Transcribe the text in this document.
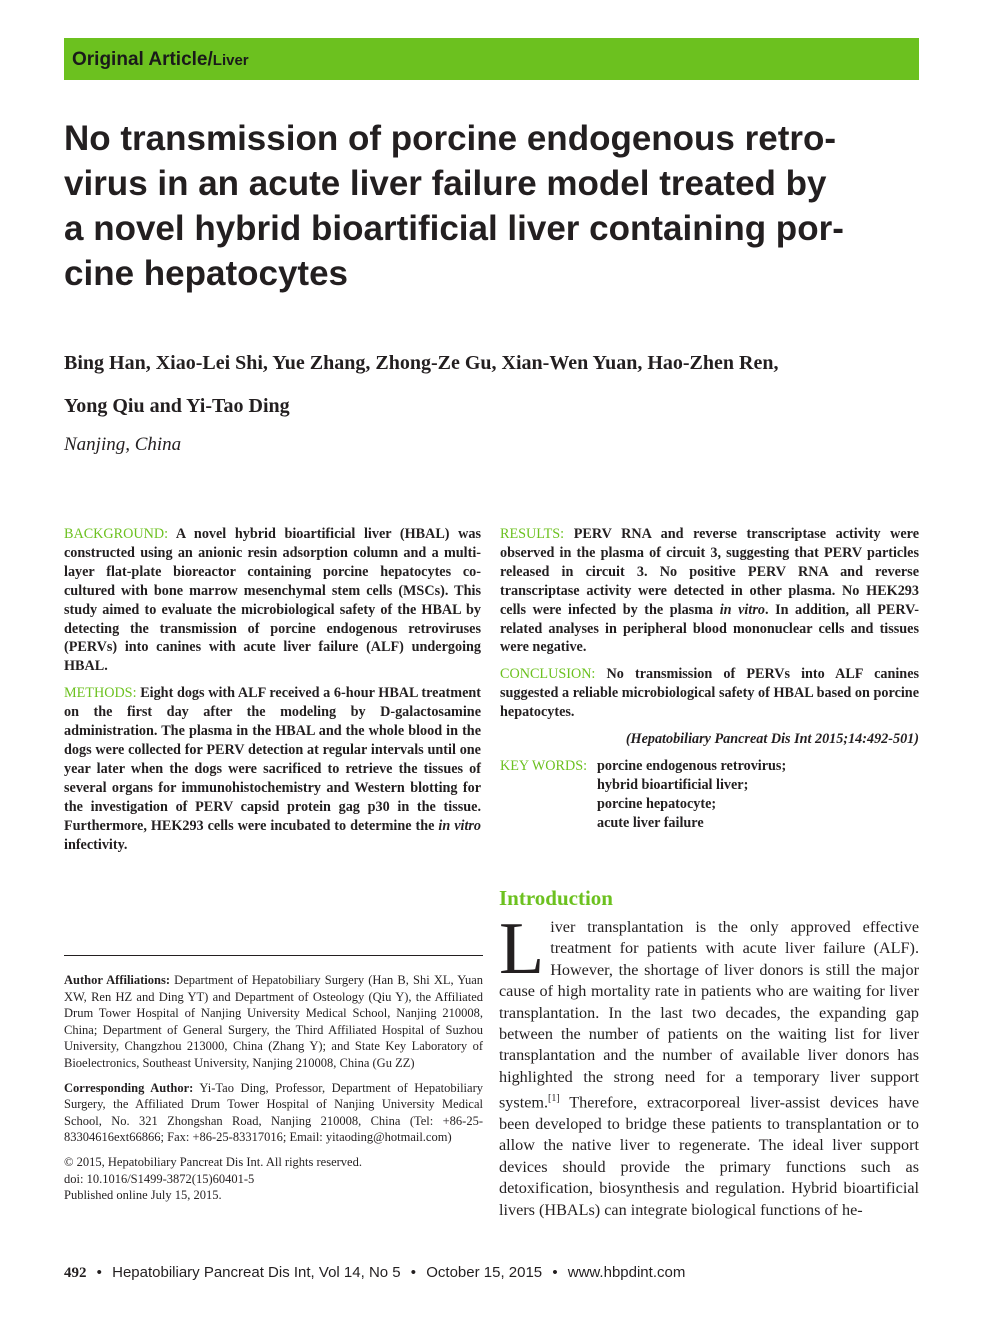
Original Article/Liver
No transmission of porcine endogenous retro-
virus in an acute liver failure model treated by
a novel hybrid bioartificial liver containing por-
cine hepatocytes
Bing Han, Xiao-Lei Shi, Yue Zhang, Zhong-Ze Gu, Xian-Wen Yuan, Hao-Zhen Ren,
Yong Qiu and Yi-Tao Ding
Nanjing, China

BACKGROUND: A novel hybrid bioartificial liver (HBAL) was constructed using an anionic resin adsorption column and a multi-layer flat-plate bioreactor containing porcine hepatocytes co-cultured with bone marrow mesenchymal stem cells (MSCs). This study aimed to evaluate the microbiological safety of the HBAL by detecting the transmission of porcine endogenous retroviruses (PERVs) into canines with acute liver failure (ALF) undergoing HBAL.

METHODS: Eight dogs with ALF received a 6-hour HBAL treatment on the first day after the modeling by D-galactosamine administration. The plasma in the HBAL and the whole blood in the dogs were collected for PERV detection at regular intervals until one year later when the dogs were sacrificed to retrieve the tissues of several organs for immunohistochemistry and Western blotting for the investigation of PERV capsid protein gag p30 in the tissue. Furthermore, HEK293 cells were incubated to determine the in vitro infectivity.

RESULTS: PERV RNA and reverse transcriptase activity were observed in the plasma of circuit 3, suggesting that PERV particles released in circuit 3. No positive PERV RNA and reverse transcriptase activity were detected in other plasma. No HEK293 cells were infected by the plasma in vitro. In addition, all PERV-related analyses in peripheral blood mononuclear cells and tissues were negative.

CONCLUSION: No transmission of PERVs into ALF canines suggested a reliable microbiological safety of HBAL based on porcine hepatocytes.

(Hepatobiliary Pancreat Dis Int 2015;14:492-501)
KEY WORDS: porcine endogenous retrovirus;
hybrid bioartificial liver;
porcine hepatocyte;
acute liver failure

Author Affiliations: Department of Hepatobiliary Surgery (Han B, Shi XL, Yuan XW, Ren HZ and Ding YT) and Department of Osteology (Qiu Y), the Affiliated Drum Tower Hospital of Nanjing University Medical School, Nanjing 210008, China; Department of General Surgery, the Third Affiliated Hospital of Suzhou University, Changzhou 213000, China (Zhang Y); and State Key Laboratory of Bioelectronics, Southeast University, Nanjing 210008, China (Gu ZZ)

Corresponding Author: Yi-Tao Ding, Professor, Department of Hepatobiliary Surgery, the Affiliated Drum Tower Hospital of Nanjing University Medical School, No. 321 Zhongshan Road, Nanjing 210008, China (Tel: +86-25-83304616ext66866; Fax: +86-25-83317016; Email: yitaoding@hotmail.com)

© 2015, Hepatobiliary Pancreat Dis Int. All rights reserved.
doi: 10.1016/S1499-3872(15)60401-5
Published online July 15, 2015.
Introduction
L iver transplantation is the only approved effective treatment for patients with acute liver failure (ALF). However, the shortage of liver donors is still the major cause of high mortality rate in patients who are waiting for liver transplantation. In the last two decades, the expanding gap between the number of patients on the waiting list for liver transplantation and the number of available liver donors has highlighted the strong need for a temporary liver support system.[1] Therefore, extracorporeal liver-assist devices have been developed to bridge these patients to transplantation or to allow the native liver to regenerate. The ideal liver support devices should provide the primary functions such as detoxification, biosynthesis and regulation. Hybrid bioartificial livers (HBALs) can integrate biological functions of he-
492 • Hepatobiliary Pancreat Dis Int, Vol 14, No 5 • October 15, 2015 • www.hbpdint.com
